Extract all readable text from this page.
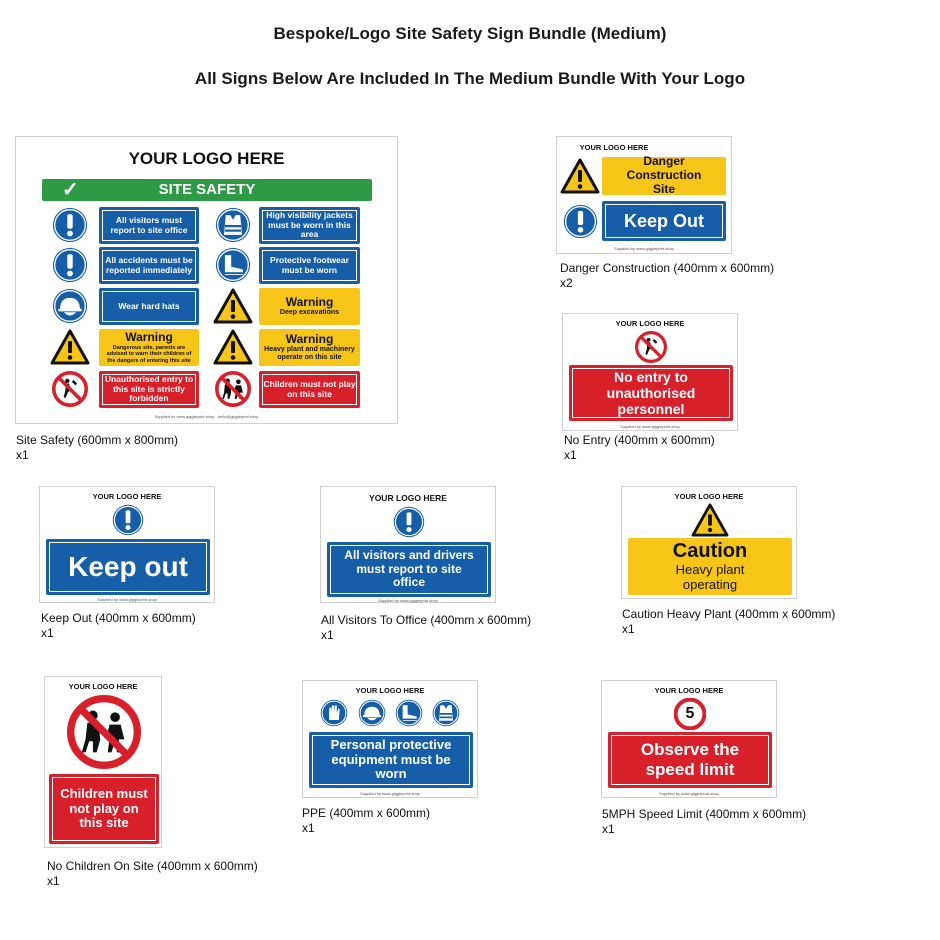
Bespoke/Logo Site Safety Sign Bundle (Medium)
All Signs Below Are Included In The Medium Bundle With Your Logo
YOUR LOGO HERE
✓	SITE SAFETY
All visitors must report to site office
All accidents must be reported immediately
Wear hard hats
Warning
Dangerous site, parents are advised to warn their children of the dangers of entering this site
Unauthorised entry to this site is strictly forbidden
High visibility jackets must be worn in this area
Protective footwear must be worn
Warning
Deep excavations
Warning
Heavy plant and machinery operate on this site
Children must not play on this site
Supplied by www.giggleprint.shop - hello@giggleprint.shop
Site Safety (600mm x 800mm)
x1
YOUR LOGO HERE
Danger Construction Site
Keep Out
Supplied by www.giggleprint.shop
Danger Construction (400mm x 600mm)
x2
YOUR LOGO HERE
No entry to unauthorised personnel
Supplied by www.giggleprint.shop
No Entry (400mm x 600mm)
x1
YOUR LOGO HERE
Keep out
Supplied by www.giggleprint.shop
Keep Out (400mm x 600mm)
x1
YOUR LOGO HERE
All visitors and drivers must report to site office
Supplied by www.giggleprint.shop
All Visitors To Office (400mm x 600mm)
x1
YOUR LOGO HERE
Caution
Heavy plant operating
Caution Heavy Plant (400mm x 600mm)
x1
YOUR LOGO HERE
Children must not play on this site
No Children On Site (400mm x 600mm)
x1
YOUR LOGO HERE
Personal protective equipment must be worn
Supplied by www.giggleprint.shop
PPE (400mm x 600mm)
x1
YOUR LOGO HERE
5
Observe the speed limit
Supplied by www.giggleprint.shop
5MPH Speed Limit (400mm x 600mm)
x1
